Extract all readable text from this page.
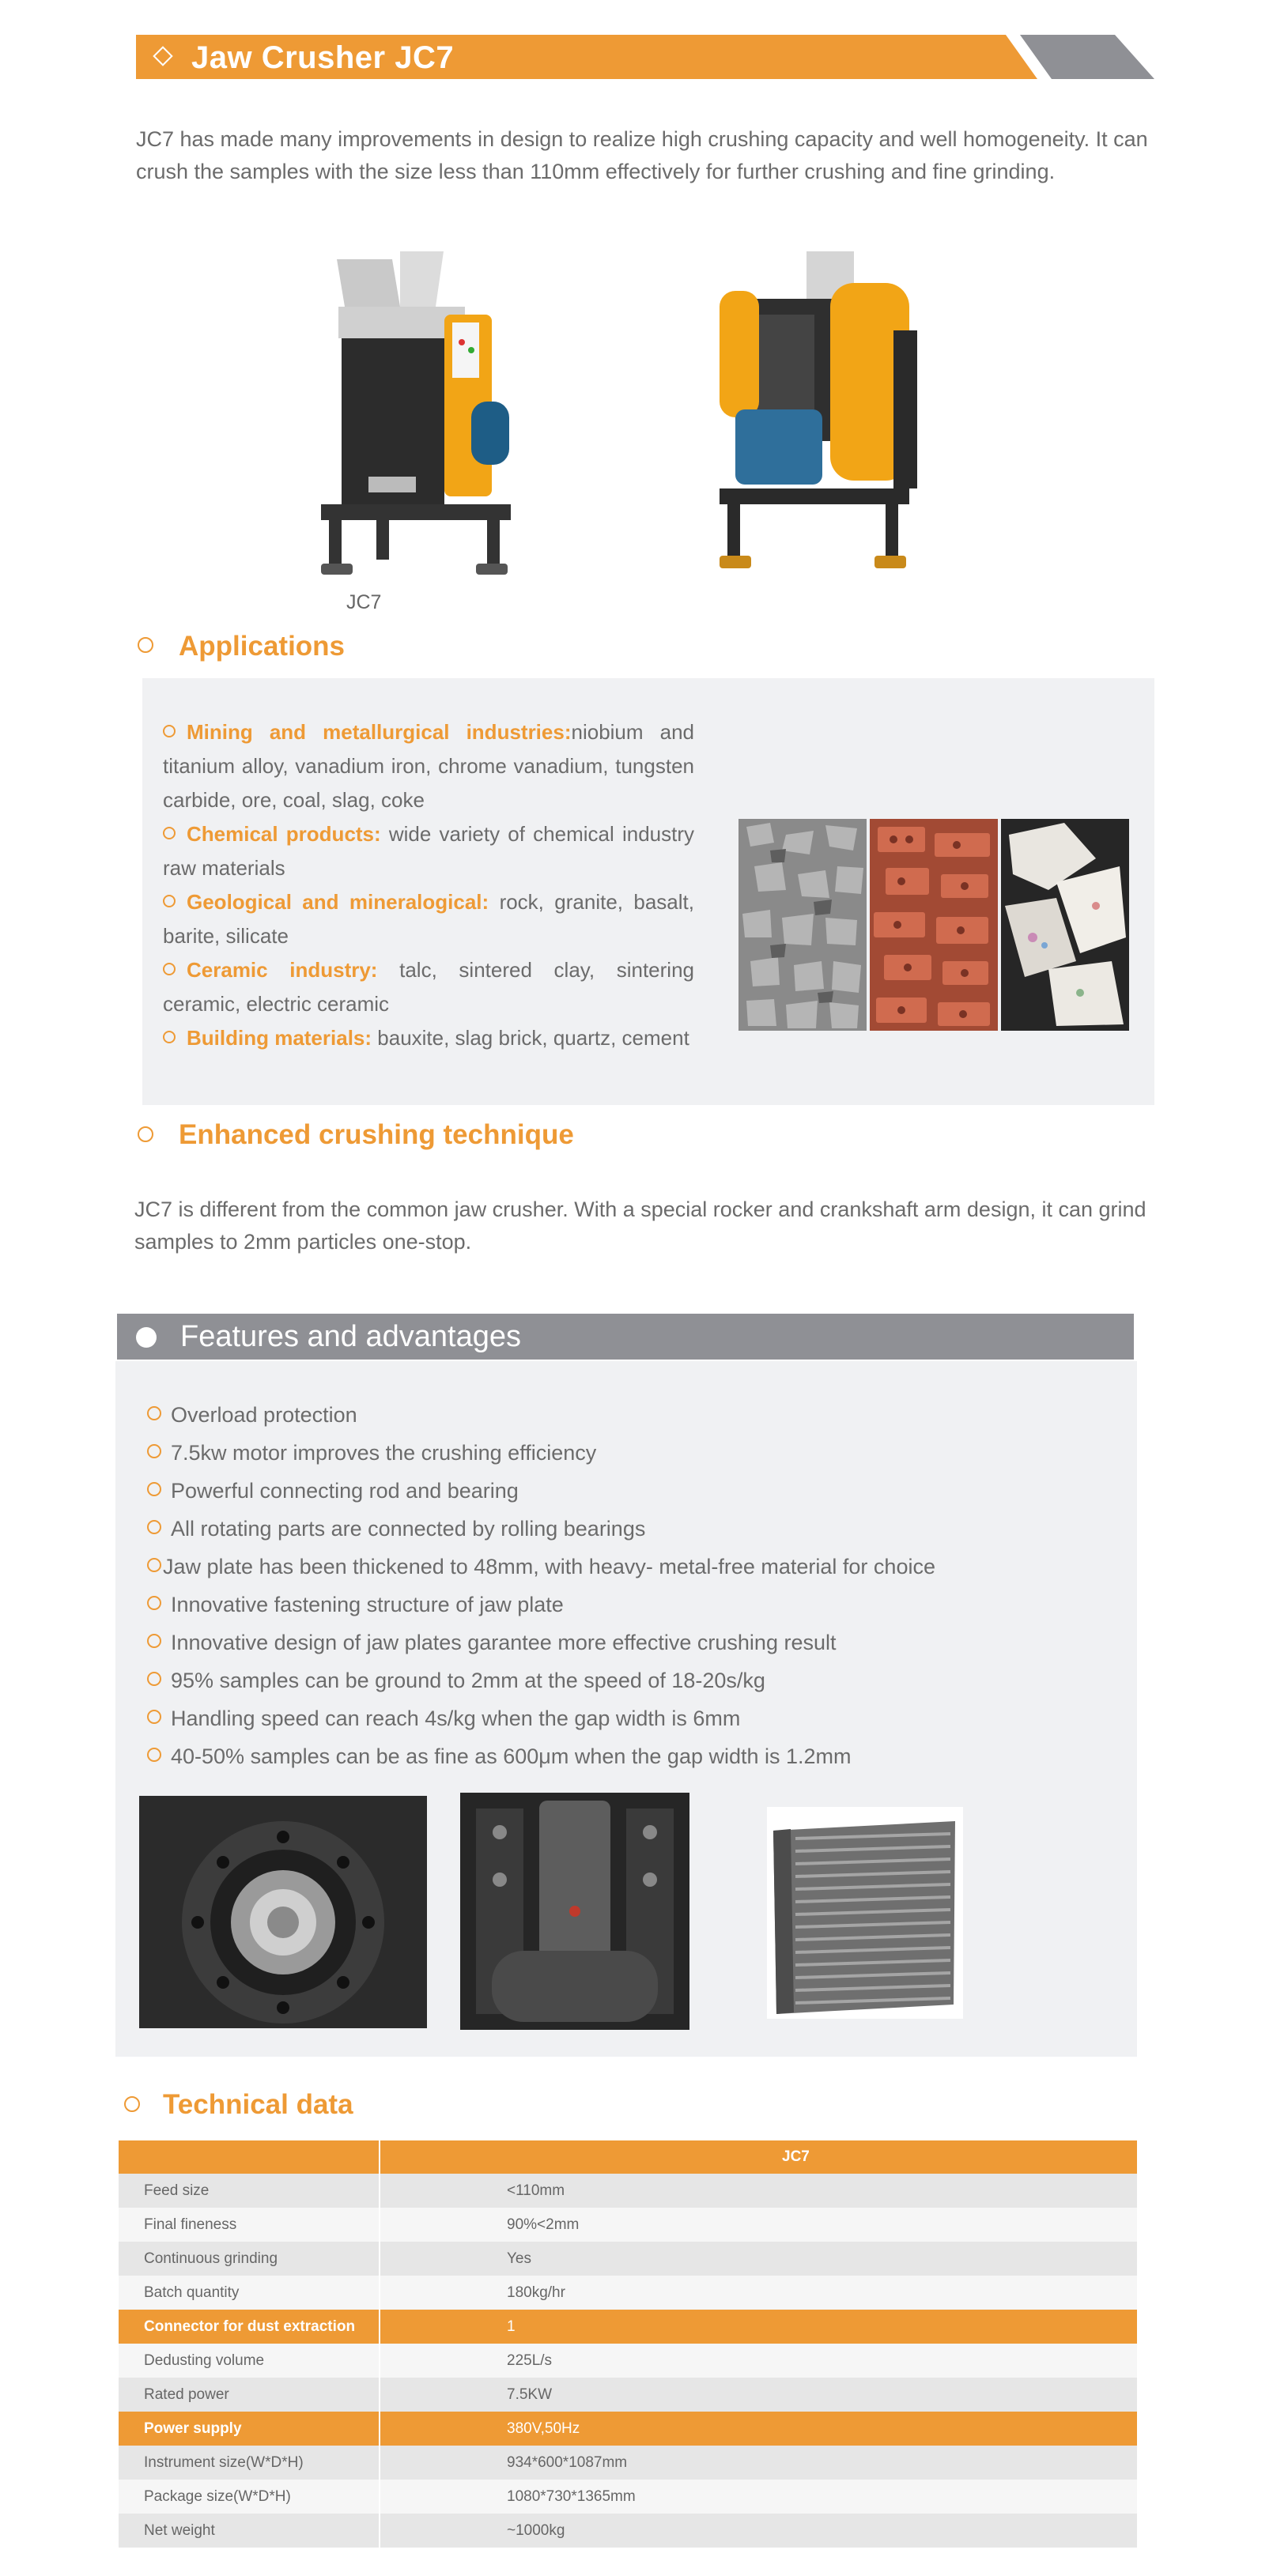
Jaw Crusher JC7
JC7 has made many improvements in design to realize high crushing capacity and well homogeneity. It can crush the samples with the size less than 110mm effectively for further crushing and fine grinding.
JC7
Applications

Mining and metallurgical industries:niobium and titanium alloy, vanadium iron, chrome vanadium, tungsten carbide, ore, coal, slag, coke

Chemical products: wide variety of chemical industry raw materials

Geological and mineralogical: rock, granite, basalt, barite, silicate

Ceramic industry: talc, sintered clay, sintering ceramic, electric ceramic

Building materials: bauxite, slag brick, quartz, cement

Enhanced crushing technique
JC7 is different from the common jaw crusher. With a special rocker and crankshaft arm design, it can grind samples to 2mm particles one-stop.
Features and advantages
Overload protection
7.5kw motor improves the crushing efficiency
Powerful connecting rod and bearing
All rotating parts are connected by rolling bearings
Jaw plate has been thickened to 48mm, with heavy- metal-free material for choice
Innovative fastening structure of jaw plate
Innovative design of jaw plates garantee more effective crushing result
95% samples can be ground to 2mm at the speed of 18-20s/kg
Handling speed can reach 4s/kg when the gap width is 6mm
40-50% samples can be as fine as 600μm when the gap width is 1.2mm
Technical data
	JC7
Feed size	<110mm
Final fineness	90%<2mm
Continuous grinding	Yes
Batch quantity	180kg/hr
Connector for dust extraction	1
Dedusting volume	225L/s
Rated power	7.5KW
Power supply	380V,50Hz
Instrument size(W*D*H)	934*600*1087mm
Package size(W*D*H)	1080*730*1365mm
Net weight	~1000kg
